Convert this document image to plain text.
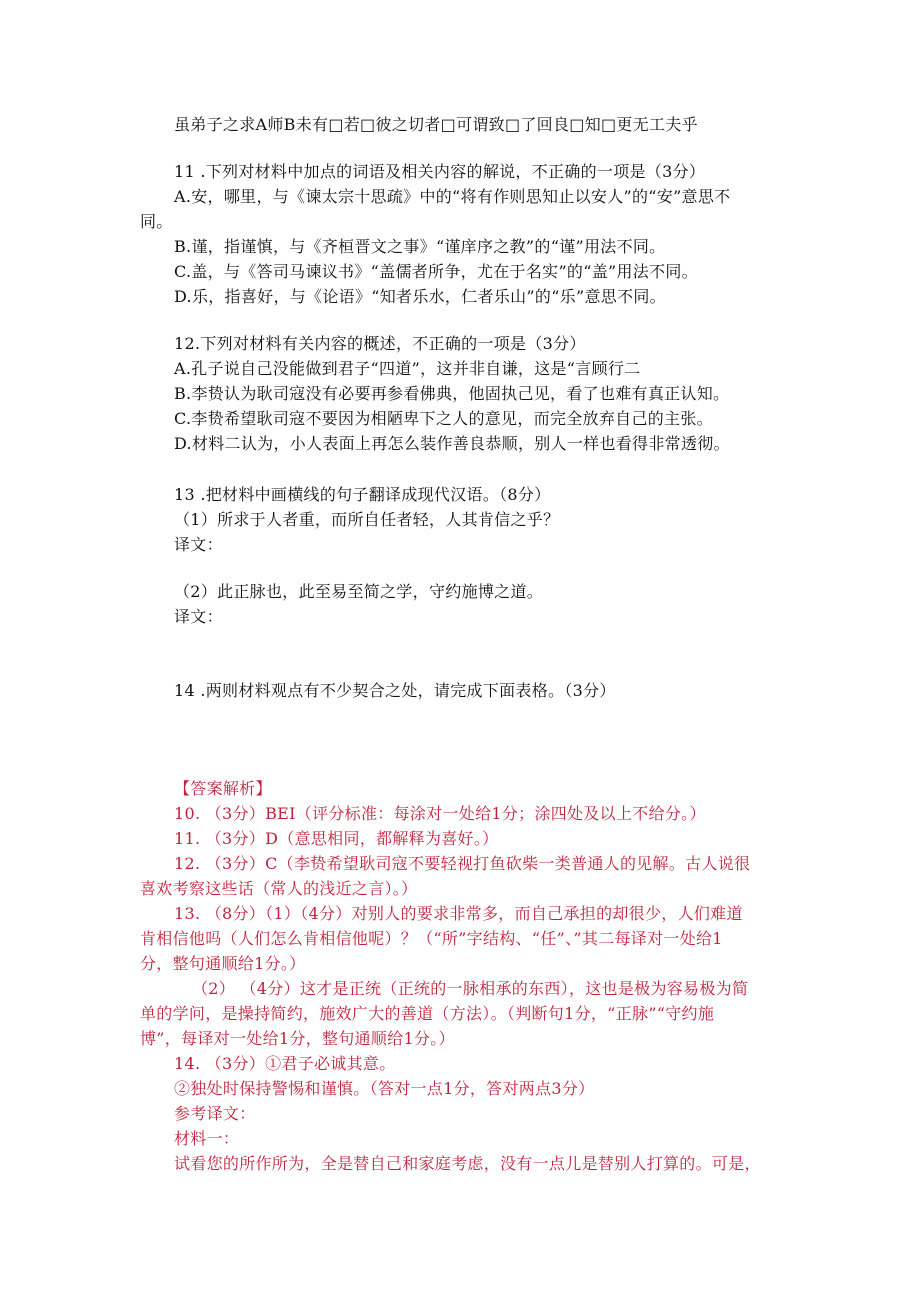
虽弟子之求A师B未有□若□彼之切者□可谓致□了回良□知□更无工夫乎
11 .下列对材料中加点的词语及相关内容的解说，不正确的一项是（3分）
A.安，哪里，与《谏太宗十思疏》中的“将有作则思知止以安人”的“安”意思不
同。
B.谨，指谨慎，与《齐桓晋文之事》“谨庠序之教”的“谨”用法不同。
C.盖，与《答司马谏议书》“盖儒者所争，尤在于名实”的“盖”用法不同。
D.乐，指喜好，与《论语》“知者乐水，仁者乐山”的“乐”意思不同。
12.下列对材料有关内容的概述，不正确的一项是（3分）
A.孔子说自己没能做到君子“四道”，这并非自谦，这是“言顾行二
B.李贽认为耿司寇没有必要再参看佛典，他固执己见，看了也难有真正认知。
C.李贽希望耿司寇不要因为相陋卑下之人的意见，而完全放弃自己的主张。
D.材料二认为，小人表面上再怎么装作善良恭顺，别人一样也看得非常透彻。
13 .把材料中画横线的句子翻译成现代汉语。（8分）
（1）所求于人者重，而所自任者轻，人其肯信之乎？
译文：
（2）此正脉也，此至易至简之学，守约施博之道。
译文：
14 .两则材料观点有不少契合之处，请完成下面表格。（3分）
【答案解析】
10. （3分）BEI（评分标准：每涂对一处给1分；涂四处及以上不给分。）
11. （3分）D（意思相同，都解释为喜好。）
12. （3分）C（李贽希望耿司寇不要轻视打鱼砍柴一类普通人的见解。古人说很
喜欢考察这些话（常人的浅近之言）。）
13. （8分）（1）（4分）对别人的要求非常多，而自己承担的却很少，人们难道
肯相信他吗（人们怎么肯相信他呢）？（“所”字结构、“任”、”其二每译对一处给1
分，整句通顺给1分。）
（2） （4分）这才是正统（正统的一脉相承的东西），这也是极为容易极为简
单的学问，是操持简约，施效广大的善道（方法）。（判断句1分，“正脉”“守约施
博”，每译对一处给1分，整句通顺给1分。）
14. （3分）①君子必诚其意。
②独处时保持警惕和谨慎。（答对一点1分，答对两点3分）
参考译文：
材料一：
试看您的所作所为，全是替自己和家庭考虑，没有一点儿是替别人打算的。可是，
